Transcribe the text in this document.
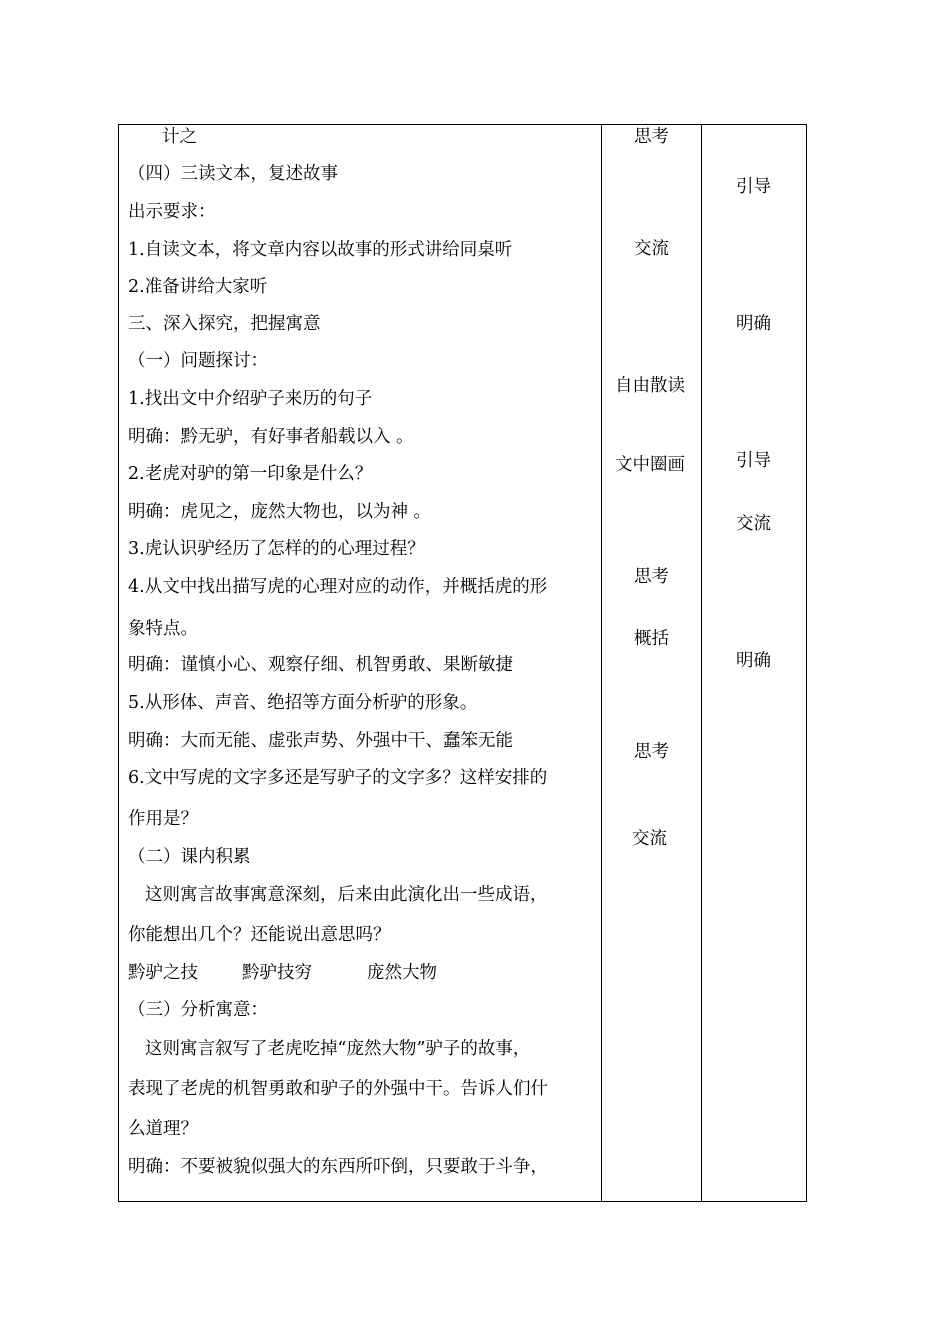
计之
（四）三读文本，复述故事
出示要求：
1.自读文本，将文章内容以故事的形式讲给同桌听
2.准备讲给大家听
三、深入探究，把握寓意
（一）问题探讨：
1.找出文中介绍驴子来历的句子
明确：黔无驴，有好事者船载以入 。
2.老虎对驴的第一印象是什么？
明确：虎见之，庞然大物也，以为神 。
3.虎认识驴经历了怎样的的心理过程？
4.从文中找出描写虎的心理对应的动作，并概括虎的形
象特点。
明确：谨慎小心、观察仔细、机智勇敢、果断敏捷
5.从形体、声音、绝招等方面分析驴的形象。
明确：大而无能、虚张声势、外强中干、蠢笨无能
6.文中写虎的文字多还是写驴子的文字多？这样安排的
作用是？
（二）课内积累
这则寓言故事寓意深刻，后来由此演化出一些成语，
你能想出几个？还能说出意思吗？
黔驴之技	黔驴技穷	庞然大物
（三）分析寓意：
这则寓言叙写了老虎吃掉“庞然大物”驴子的故事，
表现了老虎的机智勇敢和驴子的外强中干。告诉人们什
么道理？
明确：不要被貌似强大的东西所吓倒，只要敢于斗争，
思考
交流
自由散读
文中圈画
思考
概括
思考
交流
引导
明确
引导
交流
明确
